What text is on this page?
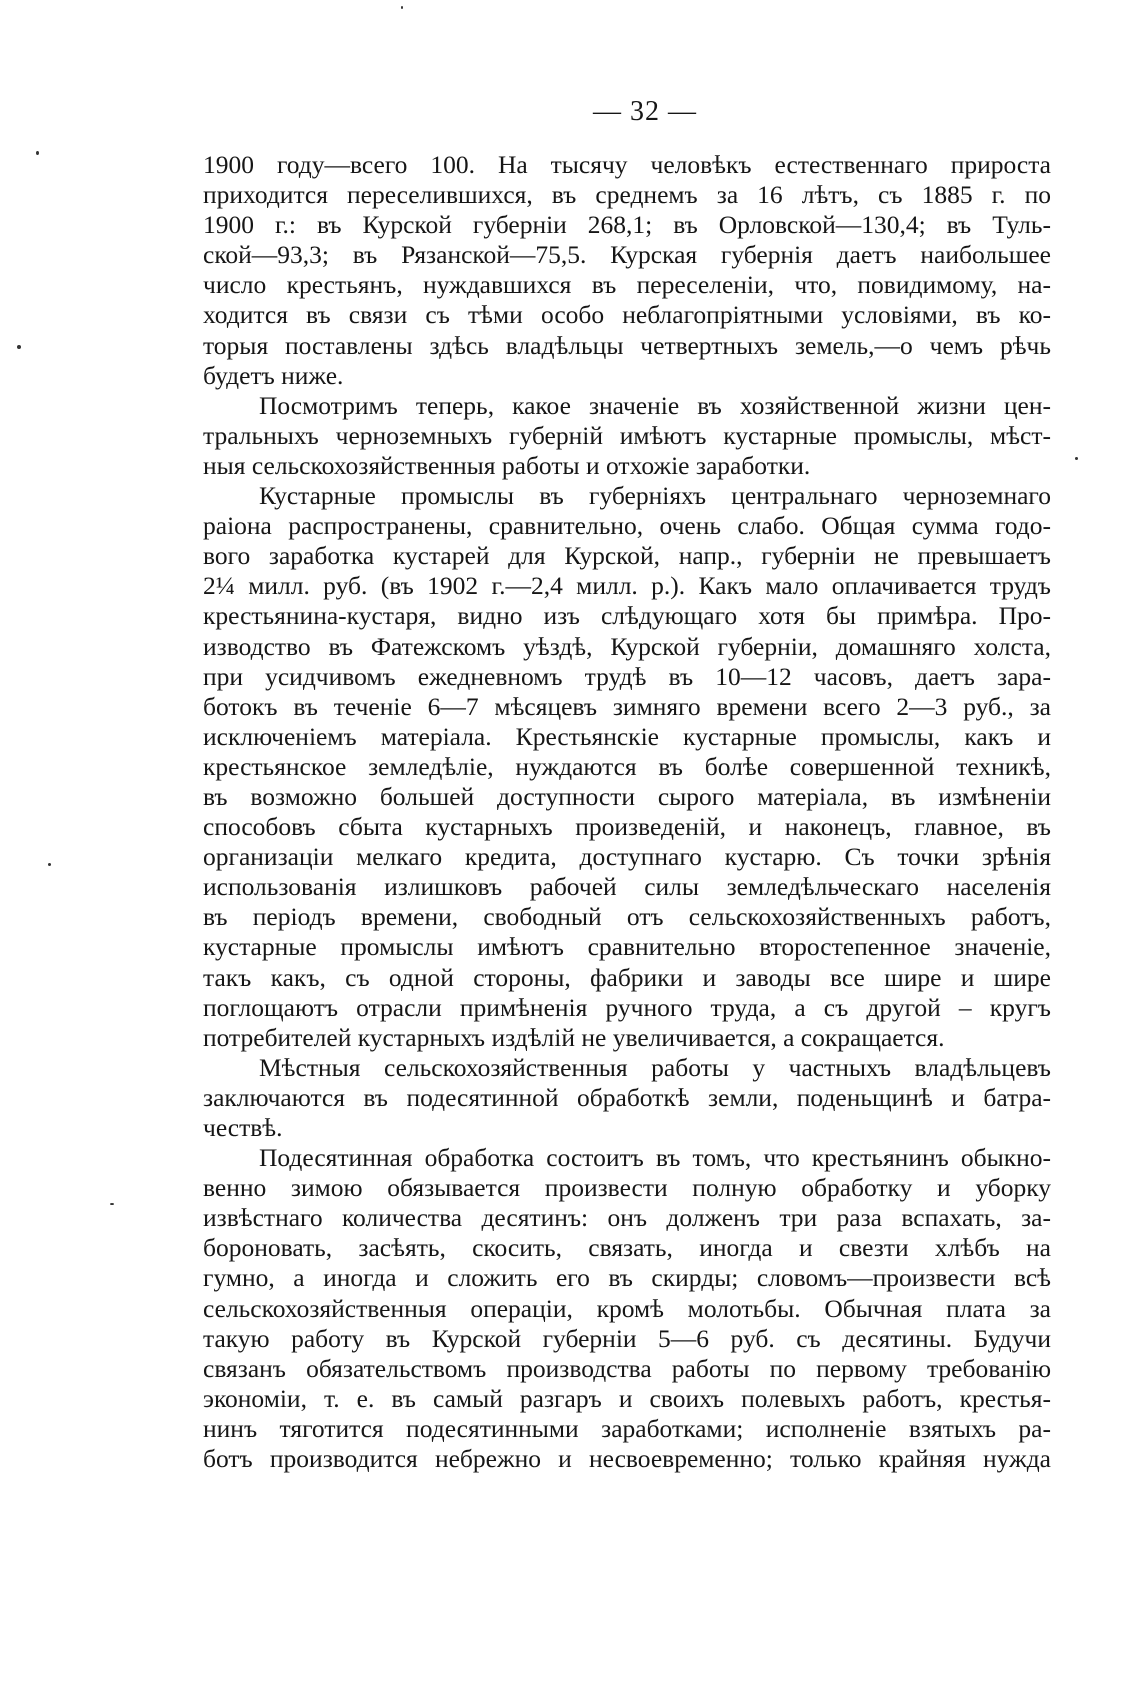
— 32 —
1900 году—всего 100. На тысячу человѣкъ естественнаго прироста
приходится переселившихся, въ среднемъ за 16 лѣтъ, съ 1885 г. по
1900 г.: въ Курской губерніи 268,1; въ Орловской—130,4; въ Туль-
ской—93,3; въ Рязанской—75,5. Курская губернія даетъ наибольшее
число крестьянъ, нуждавшихся въ переселеніи, что, повидимому, на-
ходится въ связи съ тѣми особо неблагопріятными условіями, въ ко-
торыя поставлены здѣсь владѣльцы четвертныхъ земель,—о чемъ рѣчь
будетъ ниже.
Посмотримъ теперь, какое значеніе въ хозяйственной жизни цен-
тральныхъ черноземныхъ губерній имѣютъ кустарные промыслы, мѣст-
ныя сельскохозяйственныя работы и отхожіе заработки.
Кустарные промыслы въ губерніяхъ центральнаго черноземнаго
раіона распространены, сравнительно, очень слабо. Общая сумма годо-
вого заработка кустарей для Курской, напр., губерніи не превышаетъ
2¼ милл. руб. (въ 1902 г.—2,4 милл. р.). Какъ мало оплачивается трудъ
крестьянина-кустаря, видно изъ слѣдующаго хотя бы примѣра. Про-
изводство въ Фатежскомъ уѣздѣ, Курской губерніи, домашняго холста,
при усидчивомъ ежедневномъ трудѣ въ 10—12 часовъ, даетъ зара-
ботокъ въ теченіе 6—7 мѣсяцевъ зимняго времени всего 2—3 руб., за
исключеніемъ матеріала. Крестьянскіе кустарные промыслы, какъ и
крестьянское земледѣліе, нуждаются въ болѣе совершенной техникѣ,
въ возможно большей доступности сырого матеріала, въ измѣненіи
способовъ сбыта кустарныхъ произведеній, и наконецъ, главное, въ
организаціи мелкаго кредита, доступнаго кустарю. Съ точки зрѣнія
использованія излишковъ рабочей силы земледѣльческаго населенія
въ періодъ времени, свободный отъ сельскохозяйственныхъ работъ,
кустарные промыслы имѣютъ сравнительно второстепенное значеніе,
такъ какъ, съ одной стороны, фабрики и заводы все шире и шире
поглощаютъ отрасли примѣненія ручного труда, а съ другой – кругъ
потребителей кустарныхъ издѣлій не увеличивается, а сокращается.
Мѣстныя сельскохозяйственныя работы у частныхъ владѣльцевъ
заключаются въ подесятинной обработкѣ земли, поденьщинѣ и батра-
чествѣ.
Подесятинная обработка состоитъ въ томъ, что крестьянинъ обыкно-
венно зимою обязывается произвести полную обработку и уборку
извѣстнаго количества десятинъ: онъ долженъ три раза вспахать, за-
бороновать, засѣять, скосить, связать, иногда и свезти хлѣбъ на
гумно, а иногда и сложить его въ скирды; словомъ—произвести всѣ
сельскохозяйственныя операціи, кромѣ молотьбы. Обычная плата за
такую работу въ Курской губерніи 5—6 руб. съ десятины. Будучи
связанъ обязательствомъ производства работы по первому требованію
экономіи, т. е. въ самый разгаръ и своихъ полевыхъ работъ, крестья-
нинъ тяготится подесятинными заработками; исполненіе взятыхъ ра-
ботъ производится небрежно и несвоевременно; только крайняя нужда
